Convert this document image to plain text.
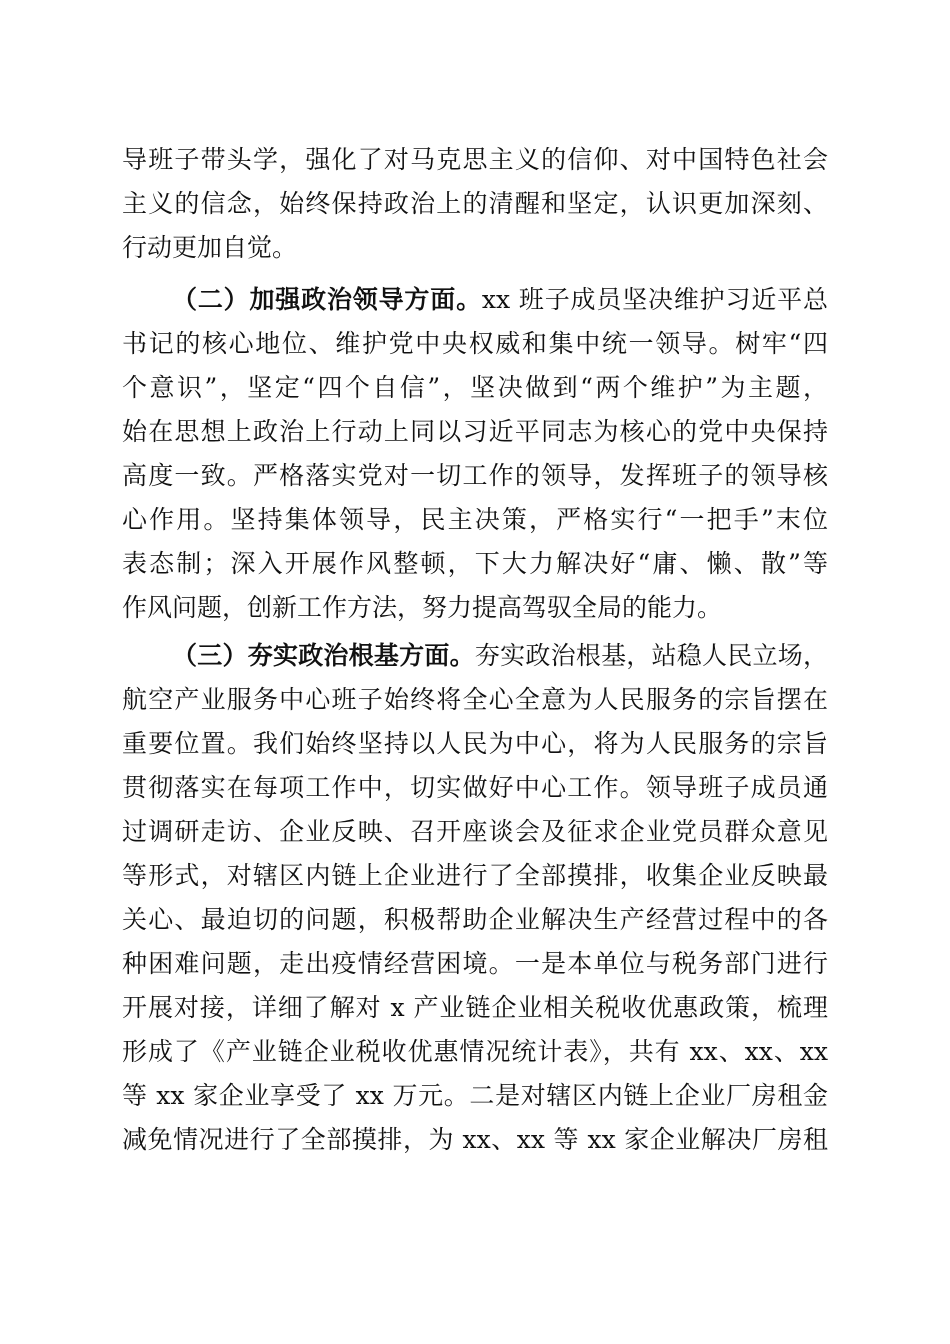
导班子带头学，强化了对马克思主义的信仰、对中国特色社会
主义的信念，始终保持政治上的清醒和坚定，认识更加深刻、
行动更加自觉。
（二）加强政治领导方面。xx 班子成员坚决维护习近平总
书记的核心地位、维护党中央权威和集中统一领导。树牢“四
个意识”，坚定“四个自信”，坚决做到“两个维护”为主题，
始在思想上政治上行动上同以习近平同志为核心的党中央保持
高度一致。严格落实党对一切工作的领导，发挥班子的领导核
心作用。坚持集体领导，民主决策，严格实行“一把手”末位
表态制；深入开展作风整顿，下大力解决好“庸、懒、散”等
作风问题，创新工作方法，努力提高驾驭全局的能力。
（三）夯实政治根基方面。夯实政治根基，站稳人民立场，
航空产业服务中心班子始终将全心全意为人民服务的宗旨摆在
重要位置。我们始终坚持以人民为中心，将为人民服务的宗旨
贯彻落实在每项工作中，切实做好中心工作。领导班子成员通
过调研走访、企业反映、召开座谈会及征求企业党员群众意见
等形式，对辖区内链上企业进行了全部摸排，收集企业反映最
关心、最迫切的问题，积极帮助企业解决生产经营过程中的各
种困难问题，走出疫情经营困境。一是本单位与税务部门进行
开展对接，详细了解对 x 产业链企业相关税收优惠政策，梳理
形成了《产业链企业税收优惠情况统计表》，共有 xx、xx、xx
等 xx 家企业享受了 xx 万元。二是对辖区内链上企业厂房租金
减免情况进行了全部摸排，为 xx、xx 等 xx 家企业解决厂房租
